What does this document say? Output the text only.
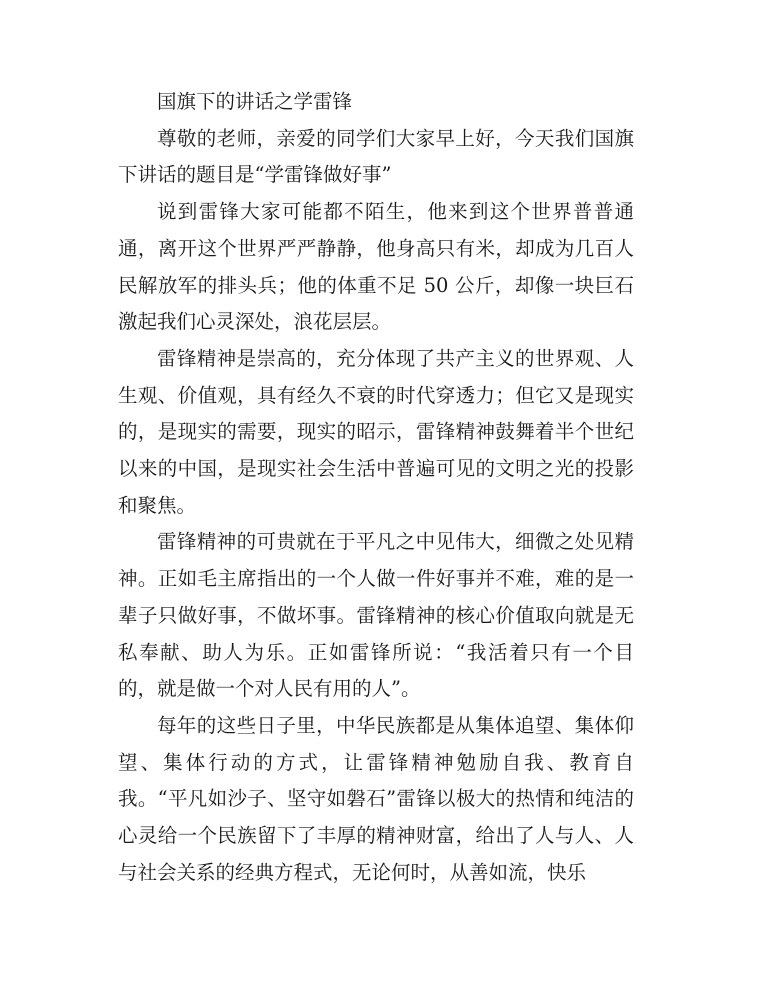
国旗下的讲话之学雷锋

尊敬的老师，亲爱的同学们大家早上好，今天我们国旗下讲话的题目是“学雷锋做好事”

说到雷锋大家可能都不陌生，他来到这个世界普普通通，离开这个世界严严静静，他身高只有米，却成为几百人民解放军的排头兵；他的体重不足 50 公斤，却像一块巨石激起我们心灵深处，浪花层层。

雷锋精神是崇高的，充分体现了共产主义的世界观、人生观、价值观，具有经久不衰的时代穿透力；但它又是现实的，是现实的需要，现实的昭示，雷锋精神鼓舞着半个世纪以来的中国，是现实社会生活中普遍可见的文明之光的投影和聚焦。

雷锋精神的可贵就在于平凡之中见伟大，细微之处见精神。正如毛主席指出的一个人做一件好事并不难，难的是一辈子只做好事，不做坏事。雷锋精神的核心价值取向就是无私奉献、助人为乐。正如雷锋所说：“我活着只有一个目的，就是做一个对人民有用的人”。

每年的这些日子里，中华民族都是从集体追望、集体仰望、集体行动的方式，让雷锋精神勉励自我、教育自我。“平凡如沙子、坚守如磐石”雷锋以极大的热情和纯洁的心灵给一个民族留下了丰厚的精神财富，给出了人与人、人与社会关系的经典方程式，无论何时，从善如流，快乐
